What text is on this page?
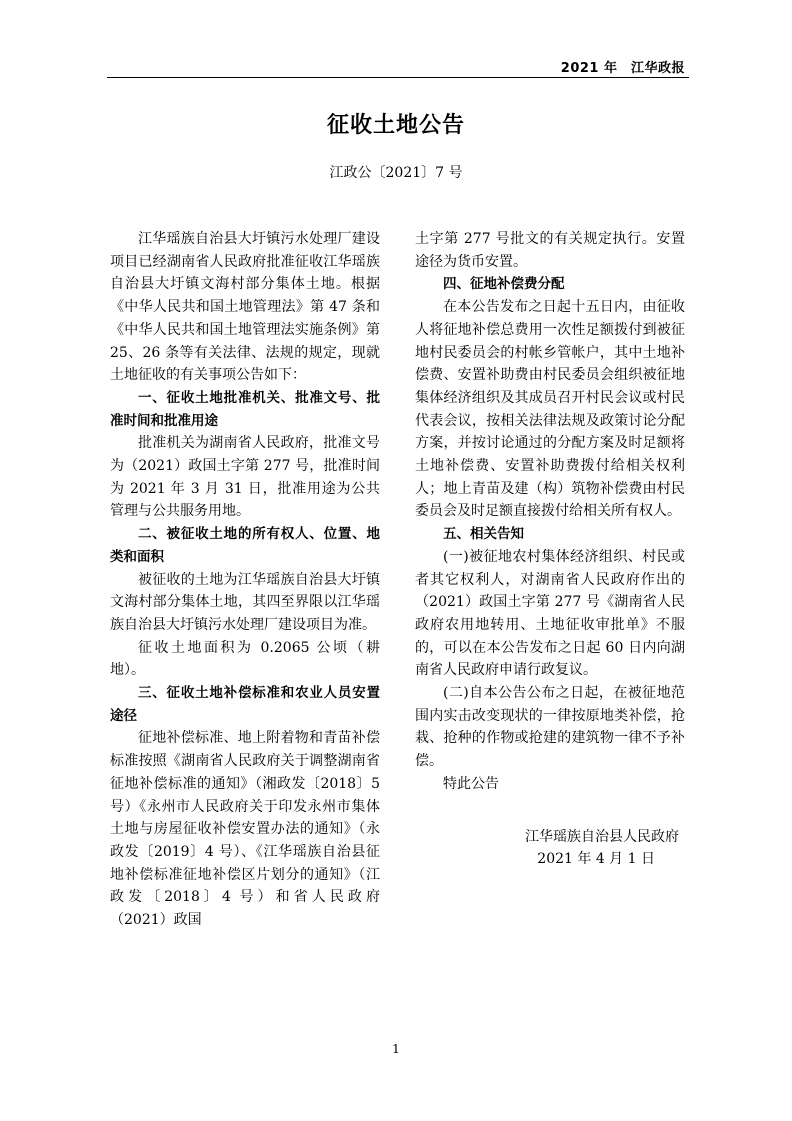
2021 年　江华政报
征收土地公告
江政公〔2021〕7 号

江华瑶族自治县大圩镇污水处理厂建设项目已经湖南省人民政府批准征收江华瑶族自治县大圩镇文海村部分集体土地。根据《中华人民共和国土地管理法》第 47 条和《中华人民共和国土地管理法实施条例》第 25、26 条等有关法律、法规的规定，现就土地征收的有关事项公告如下：

一、征收土地批准机关、批准文号、批准时间和批准用途

批准机关为湖南省人民政府，批准文号为（2021）政国土字第 277 号，批准时间为 2021 年 3 月 31 日，批准用途为公共管理与公共服务用地。

二、被征收土地的所有权人、位置、地类和面积

被征收的土地为江华瑶族自治县大圩镇文海村部分集体土地，其四至界限以江华瑶族自治县大圩镇污水处理厂建设项目为准。

征收土地面积为 0.2065 公顷（耕地）。

三、征收土地补偿标准和农业人员安置途径

征地补偿标准、地上附着物和青苗补偿标准按照《湖南省人民政府关于调整湖南省征地补偿标准的通知》（湘政发〔2018〕5 号）《永州市人民政府关于印发永州市集体土地与房屋征收补偿安置办法的通知》（永政发〔2019〕4 号）、《江华瑶族自治县征地补偿标准征地补偿区片划分的通知》（江政发〔2018〕4 号）和省人民政府（2021）政国

土字第 277 号批文的有关规定执行。安置途径为货币安置。

四、征地补偿费分配

在本公告发布之日起十五日内，由征收人将征地补偿总费用一次性足额拨付到被征地村民委员会的村帐乡管帐户，其中土地补偿费、安置补助费由村民委员会组织被征地集体经济组织及其成员召开村民会议或村民代表会议，按相关法律法规及政策讨论分配方案，并按讨论通过的分配方案及时足额将土地补偿费、安置补助费拨付给相关权利人；地上青苗及建（构）筑物补偿费由村民委员会及时足额直接拨付给相关所有权人。

五、相关告知

(一)被征地农村集体经济组织、村民或者其它权利人，对湖南省人民政府作出的（2021）政国土字第 277 号《湖南省人民政府农用地转用、土地征收审批单》不服的，可以在本公告发布之日起 60 日内向湖南省人民政府申请行政复议。

(二)自本公告公布之日起，在被征地范围内实击改变现状的一律按原地类补偿，抢栽、抢种的作物或抢建的建筑物一律不予补偿。

特此公告

江华瑶族自治县人民政府
2021 年 4 月 1 日
1
